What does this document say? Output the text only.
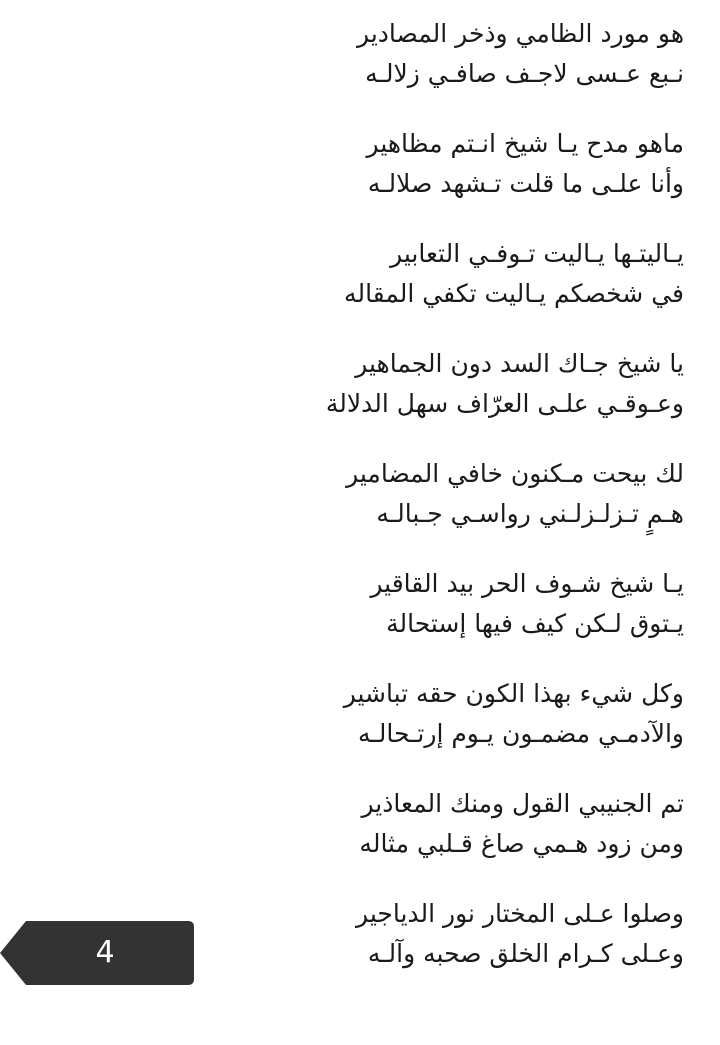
هو مورد الظامي وذخر المصادير
نـبع عـسى لاجـف صافـي زلالـه
ماهو مدح يـا شيخ انـتم مظاهير
وأنا علـى ما قلت تـشهد صلالـه
يـاليتـها يـاليت تـوفـي التعابير
في شخصكم يـاليت تكفي المقاله
يا شيخ جـاك السد دون الجماهير
وعـوقـي علـى العرّاف سهل الدلالة
لك بيحت مـكنون خافي المضامير
هـمٍ تـزلـزلـني رواسـي جـبالـه
يـا شيخ شـوف الحر بيد القاقير
يـتوق لـكن كيف فيها إستحالة
وكل شيء بهذا الكون حقه تباشير
والآدمـي مضمـون يـوم إرتـحالـه
تم الجنيبي القول ومنك المعاذير
ومن زود هـمي صاغ قـلبي مثاله
وصلوا عـلى المختار نور الدياجير
وعـلى كـرام الخلق صحبه وآلـه
4
